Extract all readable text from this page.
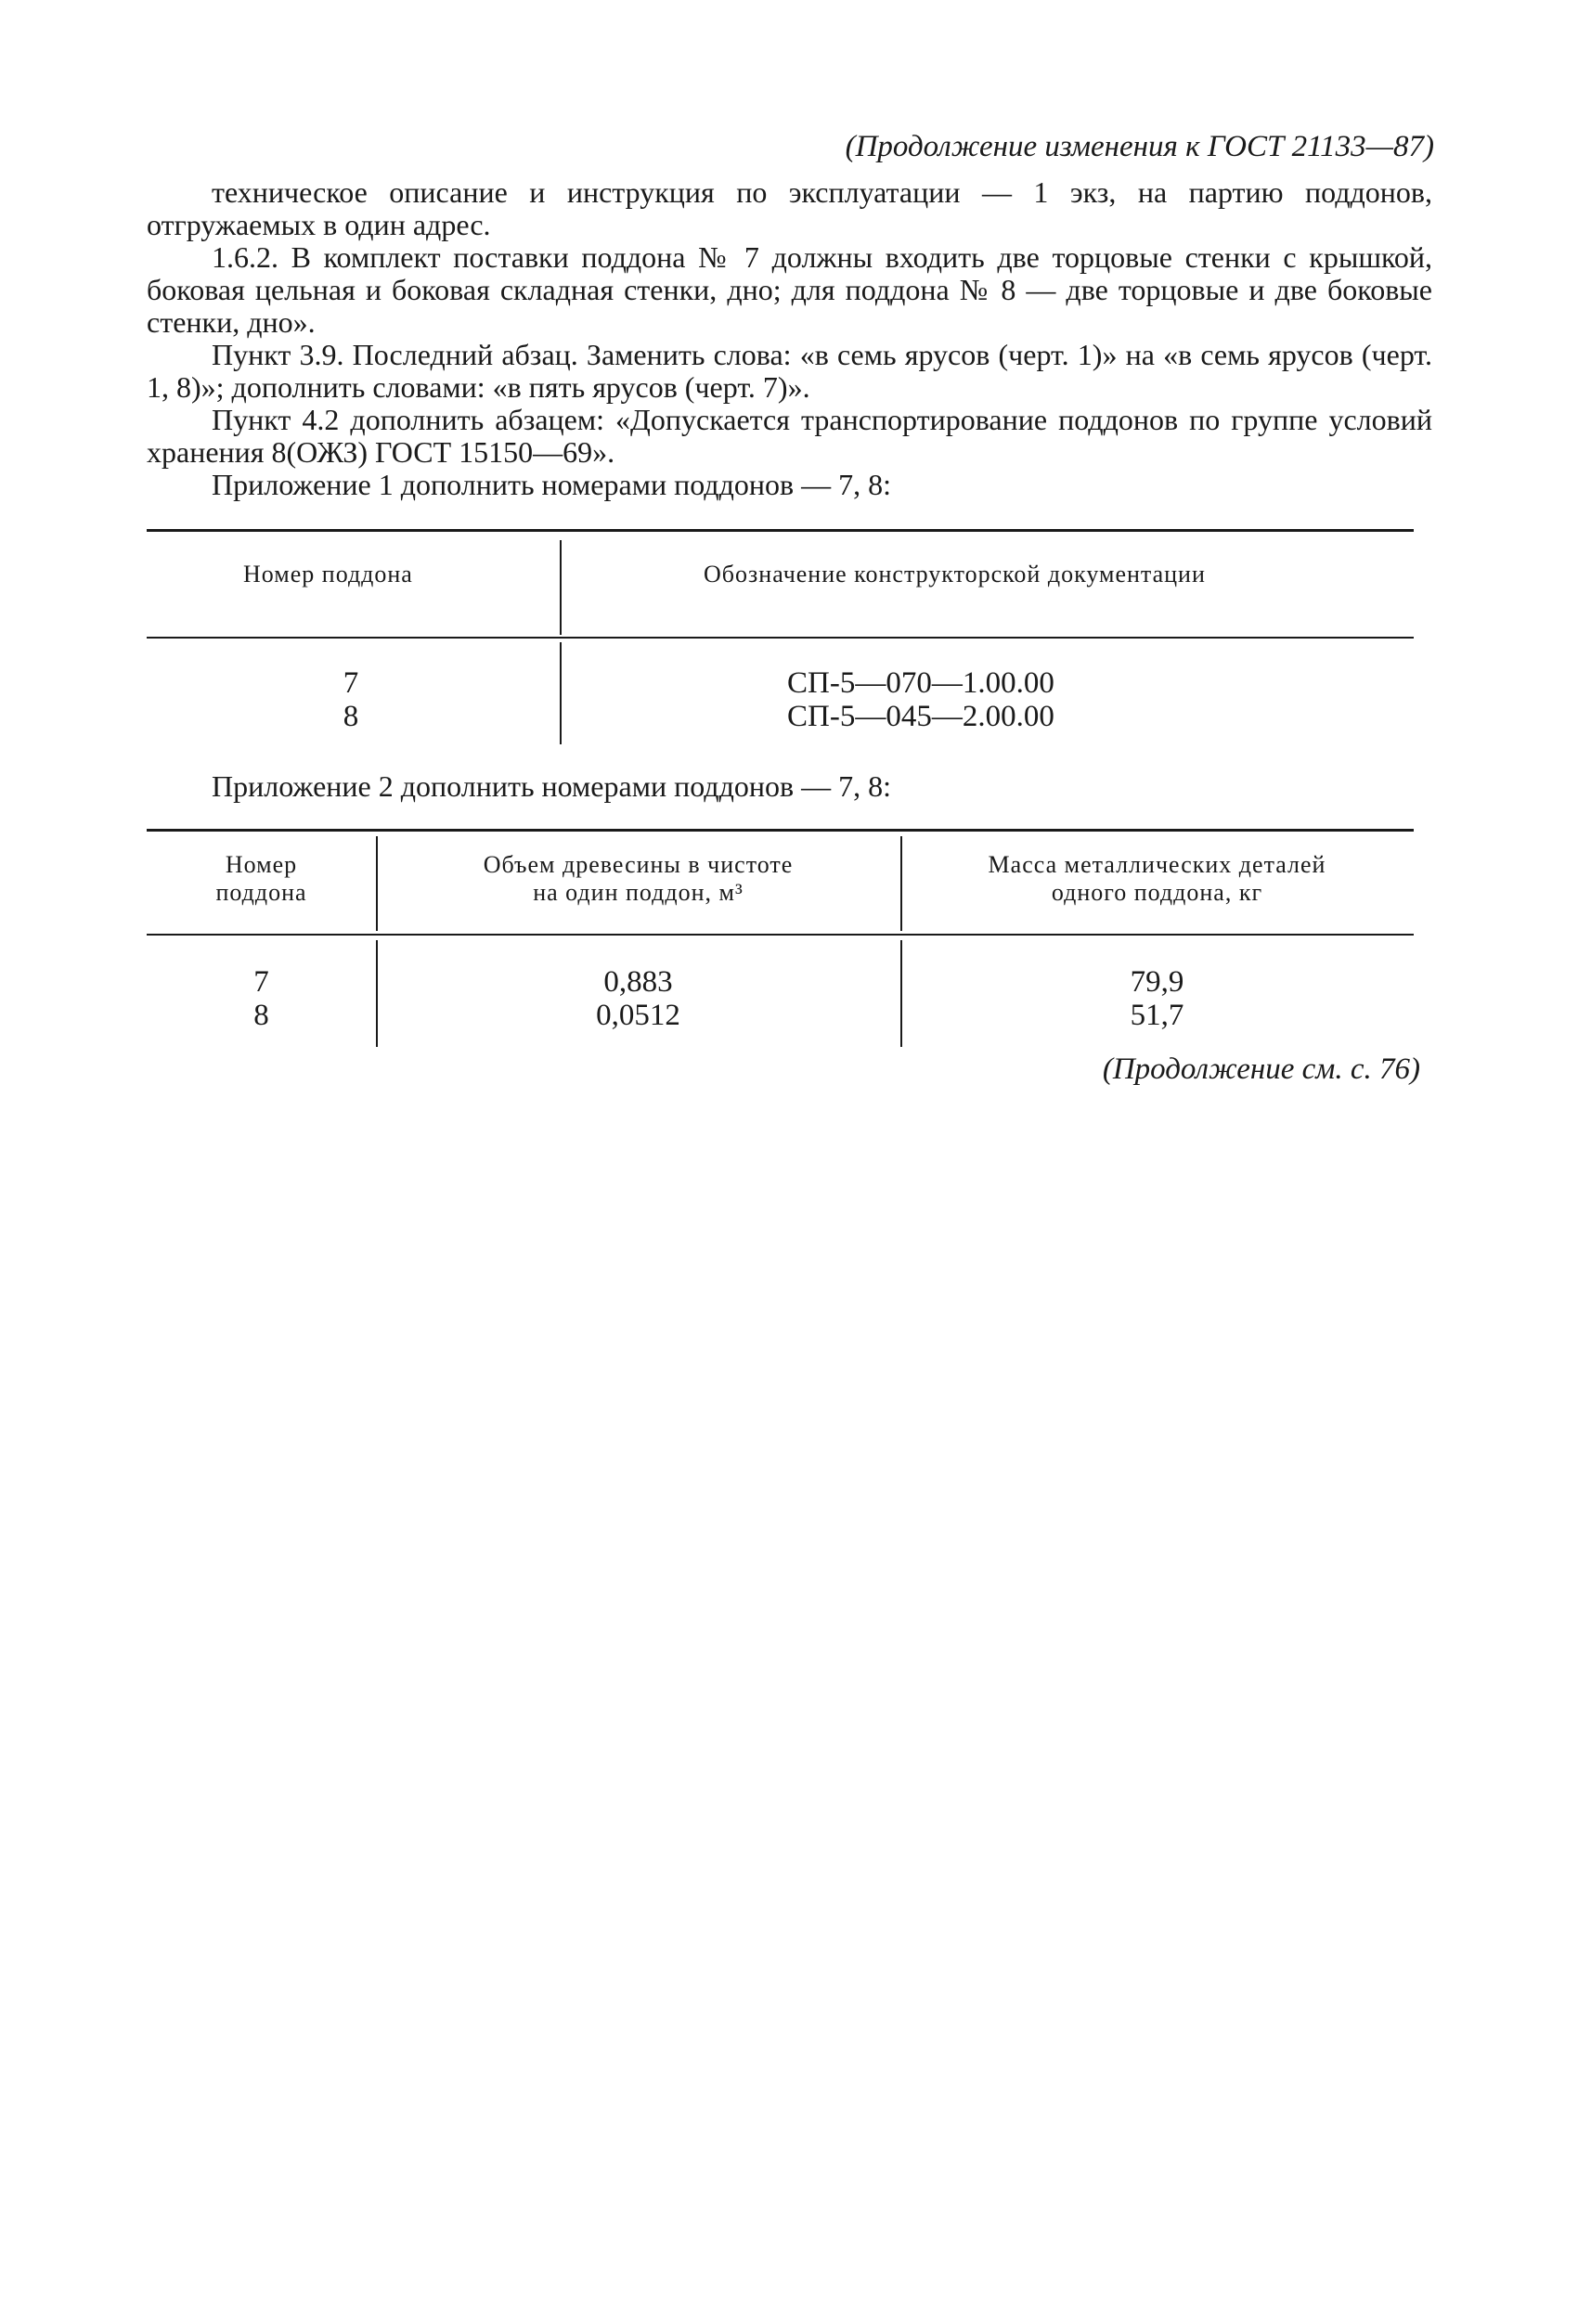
(Продолжение изменения к ГОСТ 21133—87)

техническое описание и инструкция по эксплуатации — 1 экз, на партию поддонов, отгружаемых в один адрес.

1.6.2. В комплект поставки поддона № 7 должны входить две торцовые стенки с крышкой, боковая цельная и боковая складная стенки, дно; для поддона № 8 — две торцовые и две боковые стенки, дно».

Пункт 3.9. Последний абзац. Заменить слова: «в семь ярусов (черт. 1)» на «в семь ярусов (черт. 1, 8)»; дополнить словами: «в пять ярусов (черт. 7)».

Пункт 4.2 дополнить абзацем: «Допускается транспортирование поддонов по группе условий хранения 8(ОЖЗ) ГОСТ 15150—69».

Приложение 1 дополнить номерами поддонов — 7, 8:

Номер поддона	Обозначение конструкторской документации
7
8
СП-5—070—1.00.00
СП-5—045—2.00.00
Приложение 2 дополнить номерами поддонов — 7, 8:
Номер
поддона
Объем древесины в чистоте
на один поддон, м³
Масса металлических деталей
одного поддона, кг
7
8
0,883
0,0512
79,9
51,7
(Продолжение см. с. 76)
